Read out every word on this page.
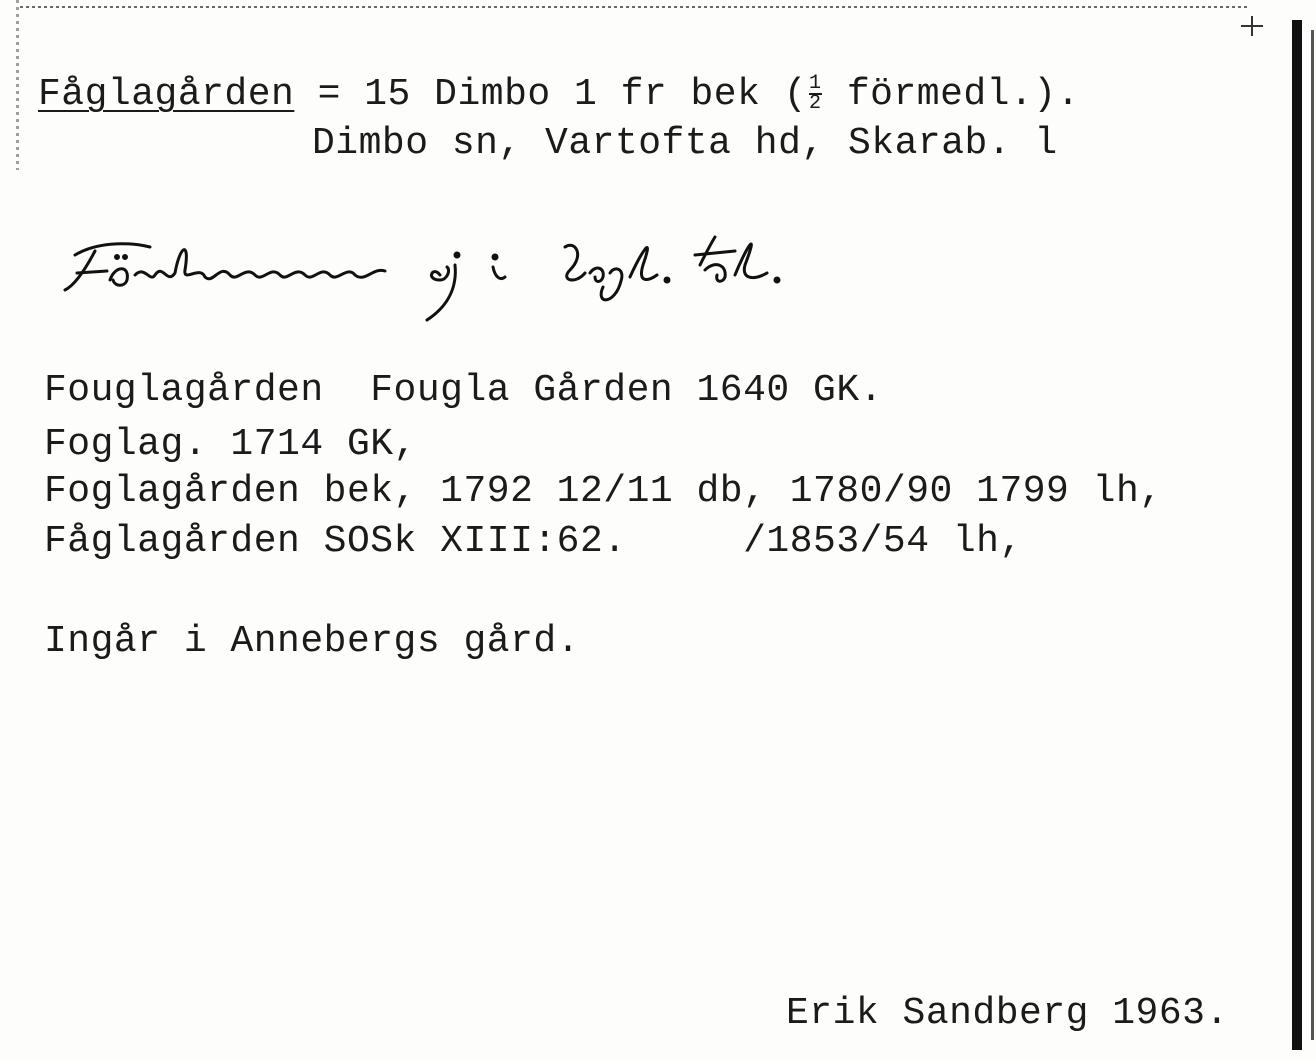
Fåglagården = 15 Dimbo 1 fr bek ( $\frac{1}{2}$ förmedl.).
Dimbo sn, Vartofta hd, Skarab. l
Fouglagården  Fougla Gården 1640 GK.
Foglag. 1714 GK,
Foglagården bek, 1792 12/11 db, 1780/90 1799 lh,
Fåglagården SOSk XIII:62.     /1853/54 lh,
Ingår i Annebergs gård.
Erik Sandberg 1963.
